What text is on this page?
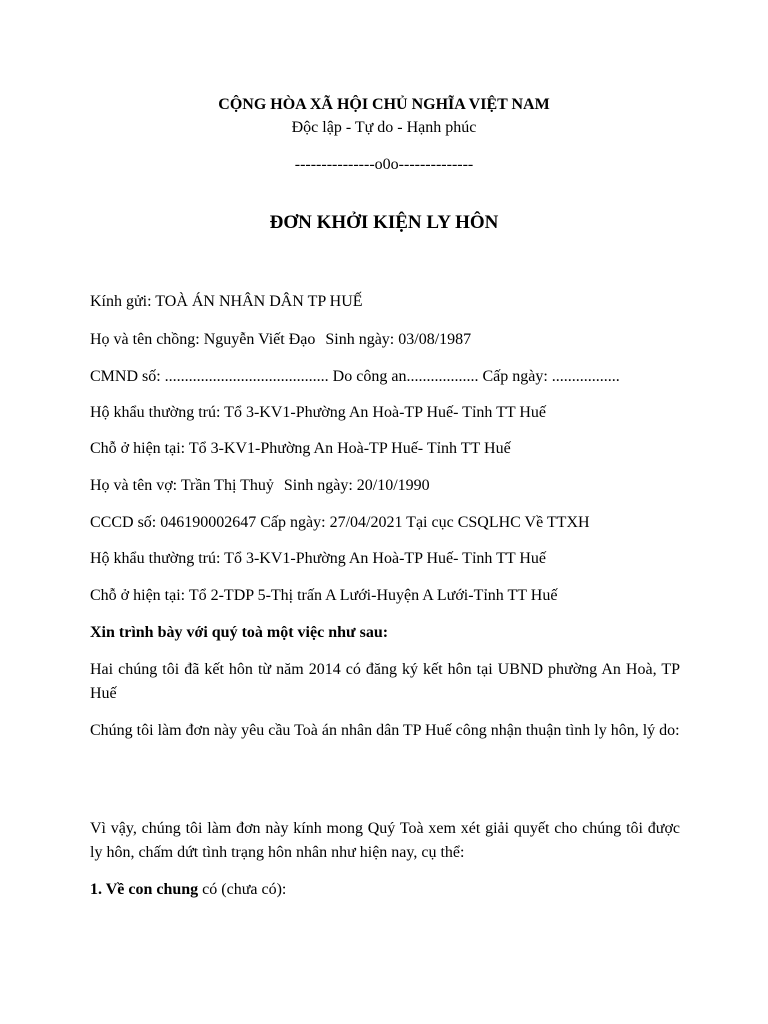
CỘNG HÒA XÃ HỘI CHỦ NGHĨA VIỆT NAM
Độc lập - Tự do - Hạnh phúc
---------------o0o--------------
ĐƠN KHỞI KIỆN LY HÔN
Kính gửi: TOÀ ÁN NHÂN DÂN TP HUẾ
Họ và tên chồng: Nguyễn Viết Đạo Sinh ngày: 03/08/1987
CMND số: ......................................... Do công an.................. Cấp ngày: .................
Hộ khẩu thường trú: Tổ 3-KV1-Phường An Hoà-TP Huế- Tỉnh TT Huế
Chỗ ở hiện tại: Tổ 3-KV1-Phường An Hoà-TP Huế- Tỉnh TT Huế
Họ và tên vợ: Trần Thị Thuỷ Sinh ngày: 20/10/1990
CCCD số: 046190002647 Cấp ngày: 27/04/2021 Tại cục CSQLHC Về TTXH
Hộ khẩu thường trú: Tổ 3-KV1-Phường An Hoà-TP Huế- Tỉnh TT Huế
Chỗ ở hiện tại: Tổ 2-TDP 5-Thị trấn A Lưới-Huyện A Lưới-Tỉnh TT Huế
Xin trình bày với quý toà một việc như sau:
Hai chúng tôi đã kết hôn từ năm 2014 có đăng ký kết hôn tại UBND phường An Hoà, TP Huế
Chúng tôi làm đơn này yêu cầu Toà án nhân dân TP Huế công nhận thuận tình ly hôn, lý do:
Vì vậy, chúng tôi làm đơn này kính mong Quý Toà xem xét giải quyết cho chúng tôi được ly hôn, chấm dứt tình trạng hôn nhân như hiện nay, cụ thể:
1. Về con chung có (chưa có):
